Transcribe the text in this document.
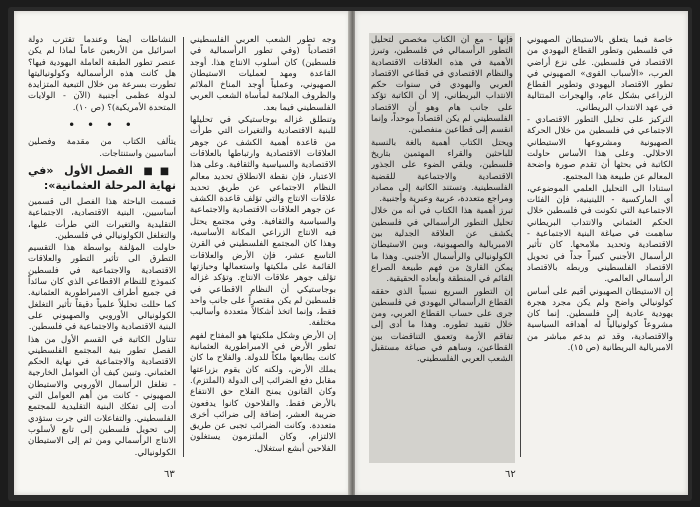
وجه تطور الشعب العربي الفلسطيني اقتصادياً (وفي تطور الرأسمالية في فلسطين) كان أسلوب الانتاج هذا. أوجد القاعدة ومهد لعمليات الاستيطان الصهيوني، وعملياً أوجد المناخ الملائم والظروف الملائمة لمأساة الشعب العربي الفلسطيني فيما بعد.

وتنطلق غزاله بوجاستيكي في تحليلها للبنية الاقتصادية والتغيرات التي طرأت من قاعدة أهمية الكشف عن جوهر العلاقات الاقتصادية وارتباطها بالعلاقات الاقتصادية والسياسية والثقافية. وعلى هذا الاعتبار، فإن نقطة الانطلاق تحديد معالم النظام الاجتماعي عن طريق تحديد علاقات الانتاج والتي تؤلف قاعدة الكشف عن جوهر العلاقات الاقتصادية والاجتماعية والسياسية والثقافية. وفي مجتمع يحتل فيه الانتاج الزراعي المكانة الأساسية، وهذا كان المجتمع الفلسطيني في القرن التاسع عشر، فإن الأرض والعلاقات القائمة على ملكيتها واستعمالها وحيازتها تؤلف جوهر علاقات الانتاج. وتؤكد غزاله بوجاستيكي أن النظام الاقطاعي في فلسطين لم يكن مقتصراً على جانب واحد فقط، وإنما اتخذ أشكالاً متعددة وأساليب مختلفة.

إن الأرض وشكل ملكيتها هو المفتاح لفهم تطور الأرض في الامبراطورية العثمانية كانت بطابعها ملكاً للدولة. والفلاح ما كان يملك الأرض، ولكنه كان يقوم بزراعتها مقابل دفع الضرائب إلى الدولة (الملتزم). وكان القانون يمنح الفلاح حق الانتفاع بالأرض فقط. والفلاحون كانوا يدفعون ضريبة العشر، إضافة إلى ضرائب أخرى متعددة. وكانت الضرائب تجبى عن طريق الالتزام، وكان الملتزمون يستغلون الفلاحين أبشع استغلال.

النشاطات أيضاً وعندما تقترب دولة اسرائيل من الأربعين عاماً لماذا لم يكن عنصر تطور الطبقة العاملة اليهودية فيها؟ هل كانت هذه الرأسمالية وكولونياليتها تطورت بسرعة من خلال التبعية المتزايدة لدولة عظمى أجنبية (الآن - الولايات المتحدة الأمريكية)؟ (ص ١٠).

• • • •

يتألف الكتاب من مقدمة وفصلين أساسيين واستنتاجات.

■■ الفصل الأول «في نهاية المرحلة العثمانية»:

قسمت الباحثة هذا الفصل الى قسمين أساسيين، البنية الاقتصادية، الاجتماعية التقليدية والتغيرات التي طرأت عليها، والتغلغل الكولونيالي في فلسطين.

حاولت المؤلفة بواسطة هذا التقسيم التطرق الى تأثير التطور والعلاقات الاقتصادية والاجتماعية في فلسطين كنموذج للنظام الاقطاعي الذي كان سائداً في جميع أطراف الامبراطورية العثمانية. كما حللت تحليلاً علمياً دقيقاً تأثير التغلغل الكولونيالي الأوروبي والصهيوني على البنية الاقتصادية والاجتماعية في فلسطين.

تتناول الكاتبة في القسم الأول من هذا الفصل تطور بنية المجتمع الفلسطيني الاقتصادية والاجتماعية في نهاية الحكم العثماني. وتبين كيف أن العوامل الخارجية - تغلغل الرأسمال الأوروبي والاستيطان الصهيوني - كانت من أهم العوامل التي أدت إلى تفكك البنية التقليدية للمجتمع الفلسطيني. والتفاعلات التي جرت ستؤدي إلى تحويل فلسطين إلى تابع لأسلوب الانتاج الرأسمالي ومن ثم إلى الاستيطان الكولونيالي.

٦٣

خاصة فيما يتعلق بالاستيطان الصهيوني في فلسطين وتطور القطاع اليهودي من الاقتصاد في فلسطين. على نزع أراضي العرب، «الأسباب القوى» الصهيوني في تطور الاقتصاد اليهودي وتطوير القطاع الزراعي بشكل عام، والهجرات المتتالية في عهد الانتداب البريطاني.

التركيز على تحليل التطور الاقتصادي - الاجتماعي في فلسطين من خلال الحركة الصهيونية ومشروعها الاستيطاني الاحلالي. وعلى هذا الأساس حاولت الكاتبة في بحثها أن تقدم صورة واضحة المعالم عن طبيعة هذا المجتمع.

استنادا الى التحليل العلمي الموضوعي، أي الماركسية - اللينينية، فإن الفئات الاجتماعية التي تكونت في فلسطين خلال الحكم العثماني والانتداب البريطاني ساهمت في صياغة البنية الاجتماعية - الاقتصادية وتحديد ملامحها. كان تأثير الرأسمال الأجنبي كبيراً جداً في تحويل الاقتصاد الفلسطيني وربطه بالاقتصاد الرأسمالي العالمي.

إن الاستيطان الصهيوني أقيم على أساس كولونيالي واضح ولم يكن مجرد هجرة يهودية عادية إلى فلسطين. إنما كان مشروعاً كولونيالياً له أهدافه السياسية والاقتصادية، وقد تم بدعم مباشر من الامبريالية البريطانية (ص ١٥).

فإنها - مع أن الكتاب مخصص لتحليل التطور الرأسمالي في فلسطين، وتبرز الأهمية في هذه العلاقات الاقتصادية والنظام الاقتصادي في قطاعي الاقتصاد العربي واليهودي في سنوات حكم الانتداب البريطاني، إلا أن الكاتبة تؤكد على جانب هام وهو أن الاقتصاد الفلسطيني لم يكن اقتصاداً موحداً، وإنما انقسم إلى قطاعين منفصلين.

ويحتل الكتاب أهمية بالغة بالنسبة للباحثين والقراء المهتمين بتاريخ فلسطين، ويلقي الضوء على الجذور الاقتصادية والاجتماعية للقضية الفلسطينية. وتستند الكاتبة إلى مصادر ومراجع متعددة، عربية وعبرية وأجنبية.

تبرز أهمية هذا الكتاب في أنه من خلال تحليل التطور الرأسمالي في فلسطين يكشف عن العلاقة الجدلية بين الامبريالية والصهيونية، وبين الاستيطان الكولونيالي والرأسمال الأجنبي. وهذا ما يمكن القارئ من فهم طبيعة الصراع القائم في المنطقة وأبعاده الحقيقية.

إن التطور السريع نسبياً الذي حققه القطاع الرأسمالي اليهودي في فلسطين جرى على حساب القطاع العربي، ومن خلال تقييد تطوره. وهذا ما أدى إلى تفاقم الأزمة وتعمق التناقضات بين القطاعين، وساهم في صياغة مستقبل الشعب العربي الفلسطيني.

٦٢
